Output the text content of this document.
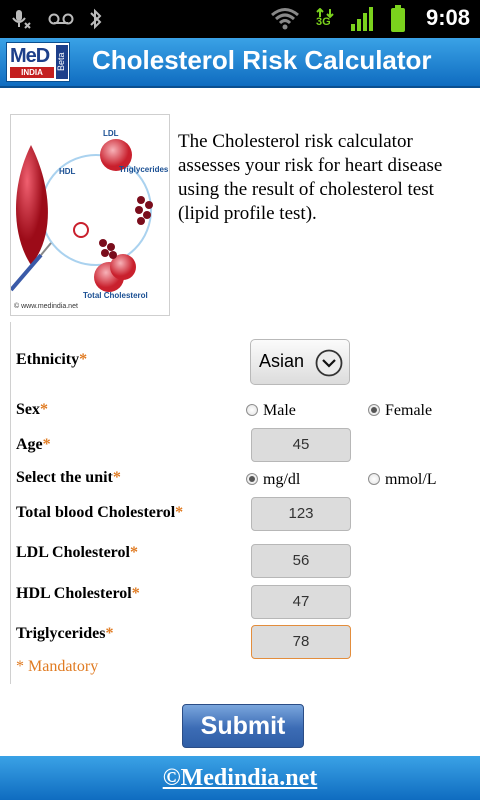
3G	9:08
MeD
INDIA
Beta Cholesterol Risk Calculator
LDL
HDL	Triglycerides
Total Cholesterol
© www.medindia.net
The Cholesterol risk calculator assesses your risk for heart disease using the result of cholesterol test (lipid profile test).
Ethnicity*	Asian
Sex*	Male	Female
Age*	45
Select the unit*	mg/dl	mmol/L
Total blood Cholesterol*	123
LDL Cholesterol*	56
HDL Cholesterol*	47
Triglycerides*	78
* Mandatory
Submit
©Medindia.net
